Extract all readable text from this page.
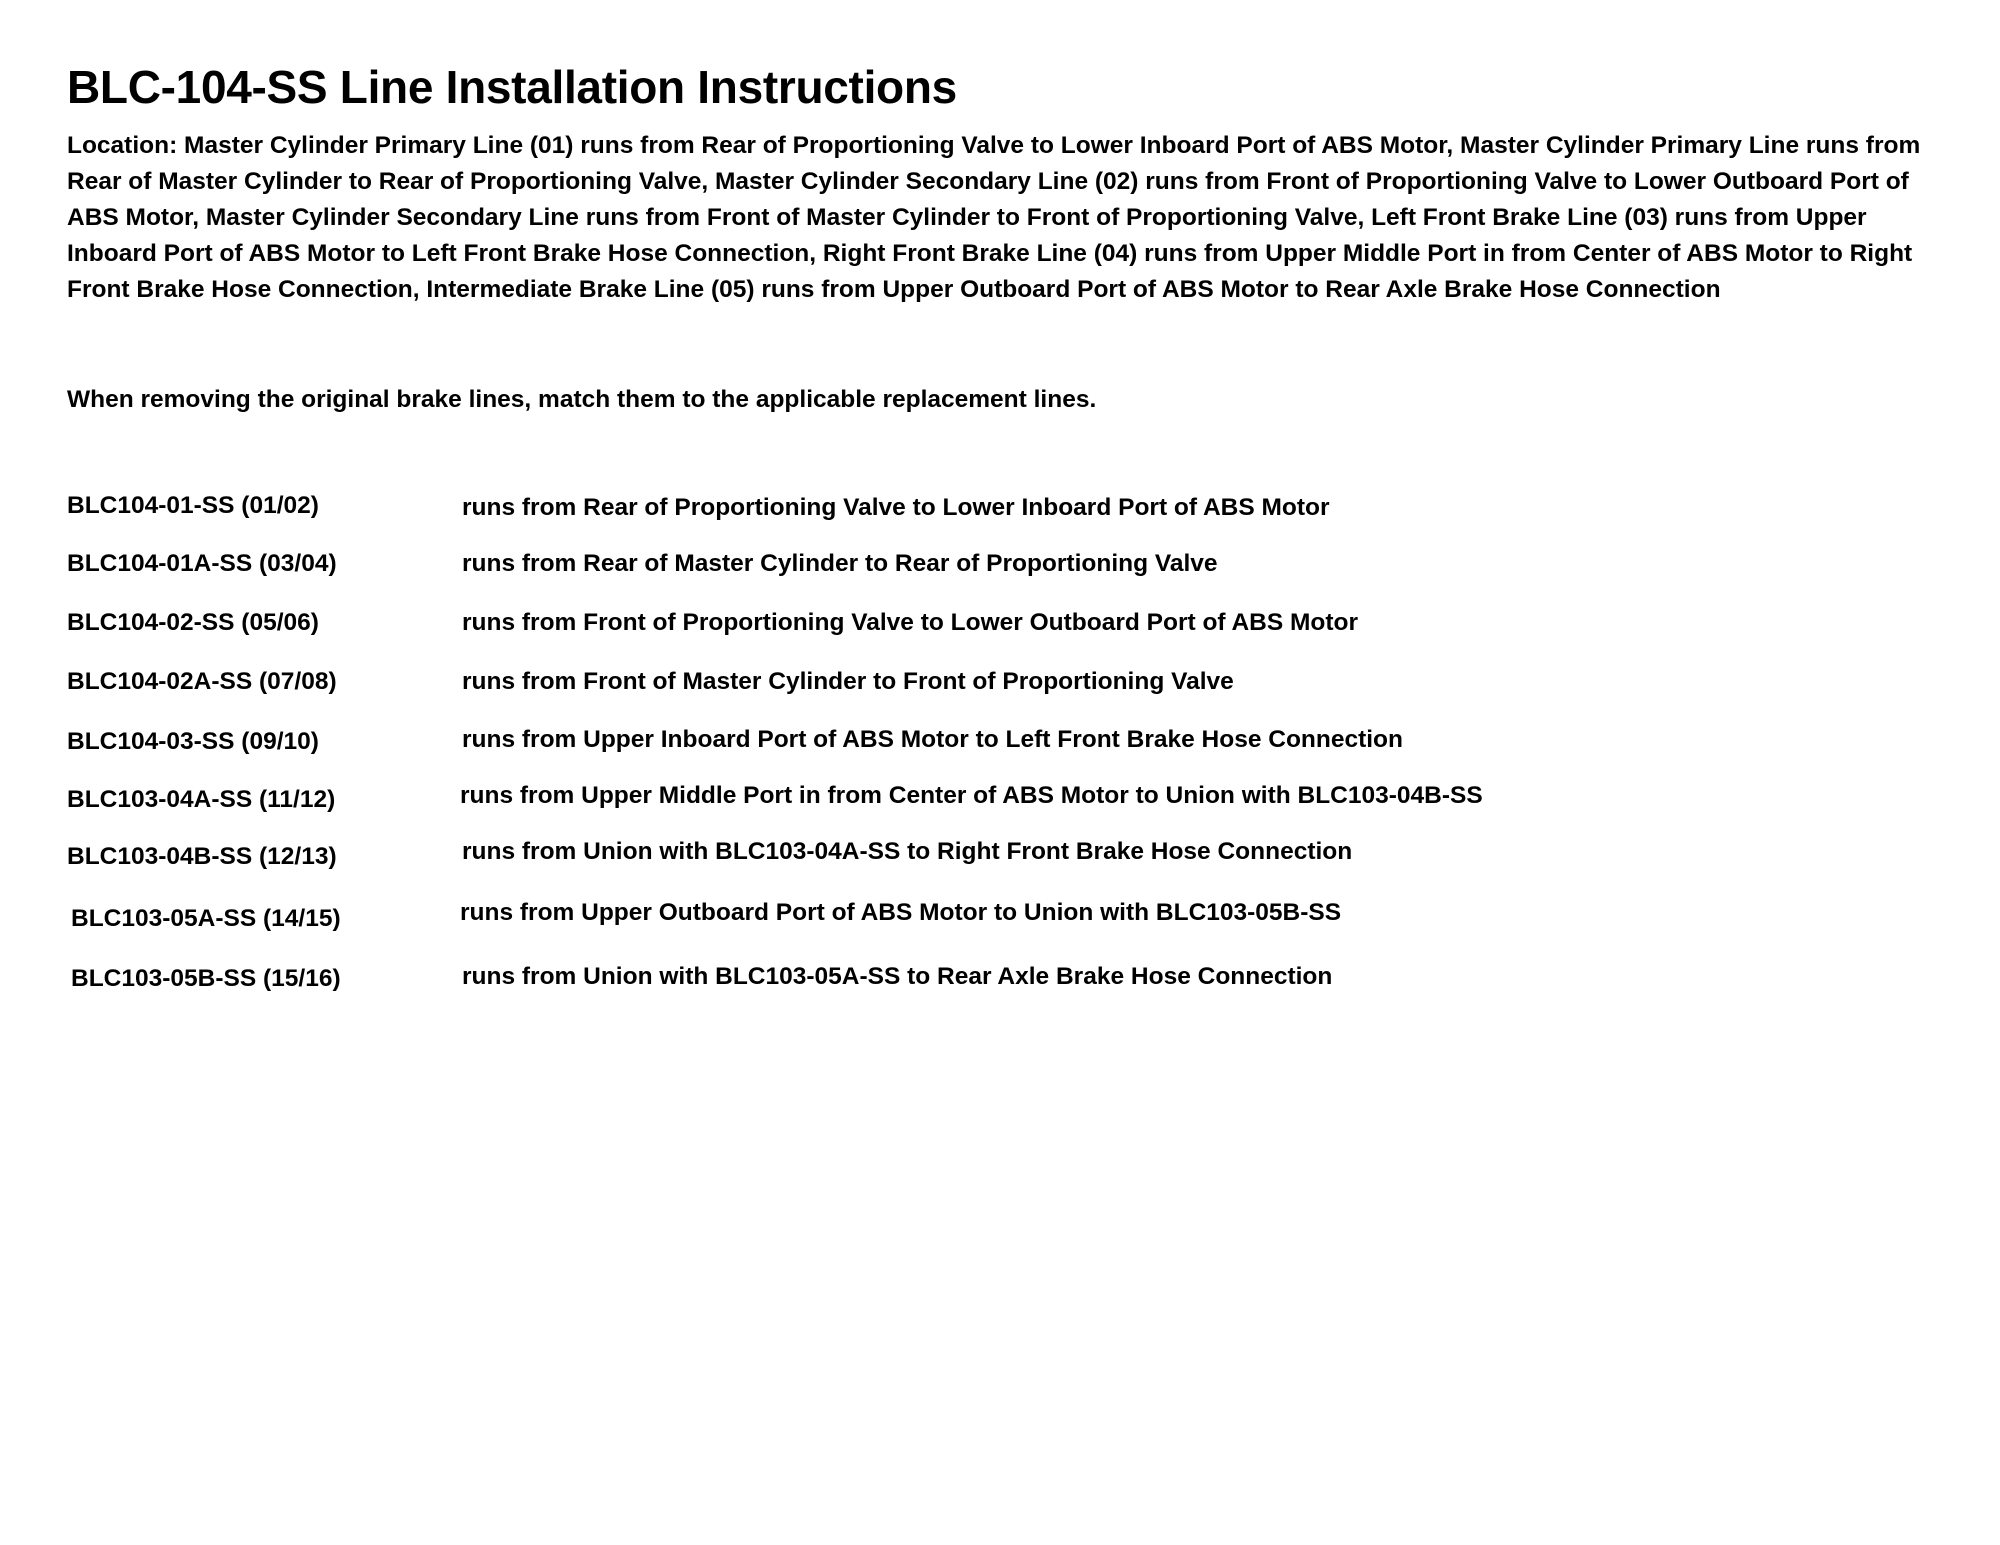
BLC-104-SS Line Installation Instructions

Location: Master Cylinder Primary Line (01) runs from Rear of Proportioning Valve to Lower Inboard Port of ABS Motor, Master Cylinder Primary Line runs from Rear of Master Cylinder to Rear of Proportioning Valve, Master Cylinder Secondary Line (02) runs from Front of Proportioning Valve to Lower Outboard Port of ABS Motor, Master Cylinder Secondary Line runs from Front of Master Cylinder to Front of Proportioning Valve, Left Front Brake Line (03) runs from Upper Inboard Port of ABS Motor to Left Front Brake Hose Connection, Right Front Brake Line (04) runs from Upper Middle Port in from Center of ABS Motor to Right Front Brake Hose Connection, Intermediate Brake Line (05) runs from Upper Outboard Port of ABS Motor to Rear Axle Brake Hose Connection

When removing the original brake lines, match them to the applicable replacement lines.

BLC104-01-SS (01/02)	runs from Rear of Proportioning Valve to Lower Inboard Port of ABS Motor
BLC104-01A-SS (03/04)	runs from Rear of Master Cylinder to Rear of Proportioning Valve
BLC104-02-SS (05/06)	runs from Front of Proportioning Valve to Lower Outboard Port of ABS Motor
BLC104-02A-SS (07/08)	runs from Front of Master Cylinder to Front of Proportioning Valve
BLC104-03-SS (09/10)	runs from Upper Inboard Port of ABS Motor to Left Front Brake Hose Connection
BLC103-04A-SS (11/12)	runs from Upper Middle Port in from Center of ABS Motor to Union with BLC103-04B-SS
BLC103-04B-SS (12/13)	runs from Union with BLC103-04A-SS to Right Front Brake Hose Connection
BLC103-05A-SS (14/15)	runs from Upper Outboard Port of ABS Motor to Union with BLC103-05B-SS
BLC103-05B-SS (15/16)	runs from Union with BLC103-05A-SS to Rear Axle Brake Hose Connection
